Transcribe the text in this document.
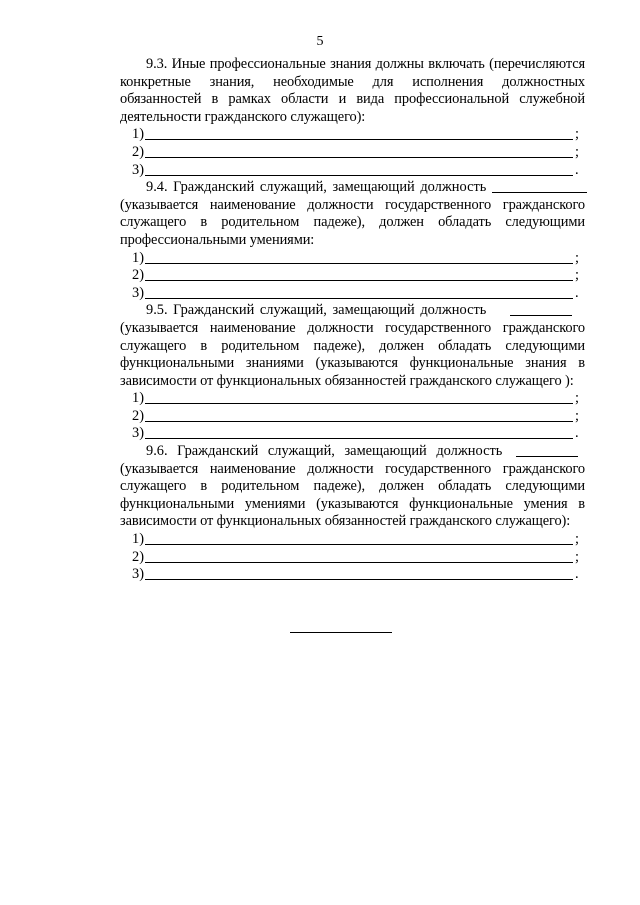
5

9.3. Иные профессиональные знания должны включать (перечисляются конкретные знания, необходимые для исполнения должностных обязанностей в рамках области и вида профессиональной служебной деятельности гражданского служащего):

1)	;
2)	;
3)	.
9.4. Гражданский служащий, замещающий должность

(указывается наименование должности государственного гражданского служащего в родительном падеже), должен обладать следующими профессиональными умениями:

1)	;
2)	;
3)	.
9.5. Гражданский служащий, замещающий должность

(указывается наименование должности государственного гражданского служащего в родительном падеже), должен обладать следующими функциональными знаниями (указываются функциональные знания в зависимости от функциональных обязанностей гражданского служащего ):

1)	;
2)	;
3)	.
9.6. Гражданский служащий, замещающий должность

(указывается наименование должности государственного гражданского служащего в родительном падеже), должен обладать следующими функциональными умениями (указываются функциональные умения в зависимости от функциональных обязанностей гражданского служащего):

1)	;
2)	;
3)	.
